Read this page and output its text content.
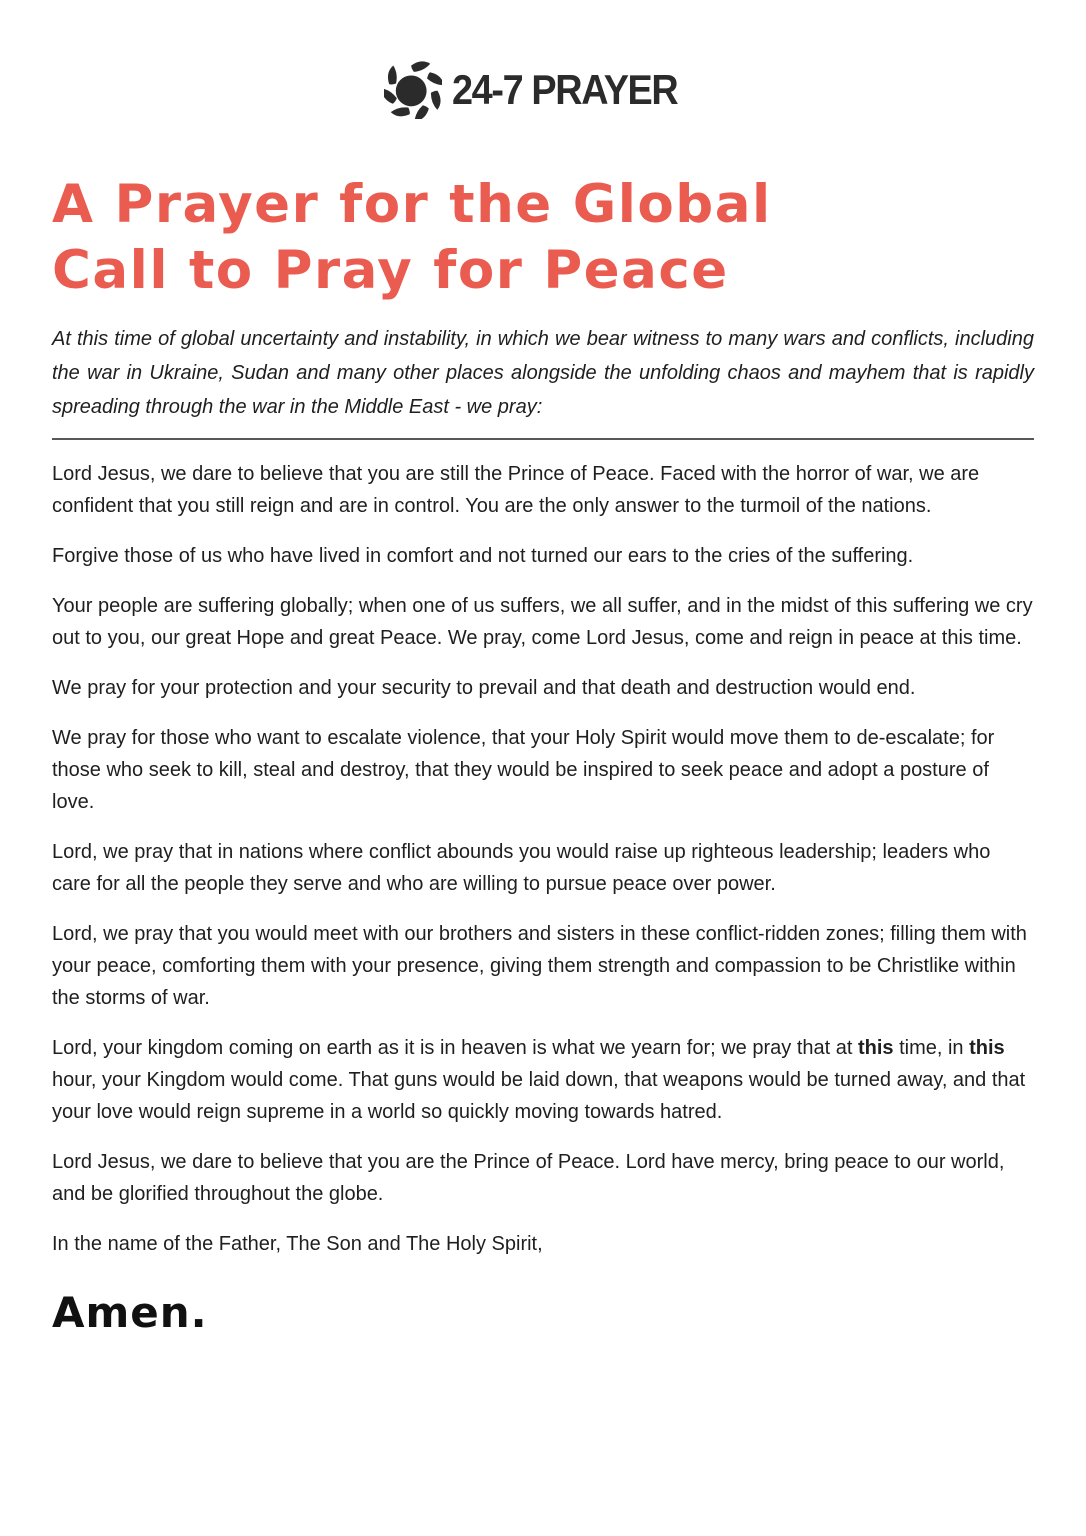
24-7 PRAYER
A Prayer for the Global
Call to Pray for Peace

At this time of global uncertainty and instability, in which we bear witness to many wars and conflicts, including the war in Ukraine, Sudan and many other places alongside the unfolding chaos and mayhem that is rapidly spreading through the war in the Middle East - we pray:

Lord Jesus, we dare to believe that you are still the Prince of Peace. Faced with the horror of war, we are confident that you still reign and are in control. You are the only answer to the turmoil of the nations.

Forgive those of us who have lived in comfort and not turned our ears to the cries of the suffering.

Your people are suffering globally; when one of us suffers, we all suffer, and in the midst of this suffering we cry out to you, our great Hope and great Peace. We pray, come Lord Jesus, come and reign in peace at this time.

We pray for your protection and your security to prevail and that death and destruction would end.

We pray for those who want to escalate violence, that your Holy Spirit would move them to de-escalate; for those who seek to kill, steal and destroy, that they would be inspired to seek peace and adopt a posture of love.

Lord, we pray that in nations where conflict abounds you would raise up righteous leadership; leaders who care for all the people they serve and who are willing to pursue peace over power.

Lord, we pray that you would meet with our brothers and sisters in these conflict-ridden zones; filling them with your peace, comforting them with your presence, giving them strength and compassion to be Christlike within the storms of war.

Lord, your kingdom coming on earth as it is in heaven is what we yearn for; we pray that at this time, in this hour, your Kingdom would come. That guns would be laid down, that weapons would be turned away, and that your love would reign supreme in a world so quickly moving towards hatred.

Lord Jesus, we dare to believe that you are the Prince of Peace. Lord have mercy, bring peace to our world, and be glorified throughout the globe.

In the name of the Father, The Son and The Holy Spirit,

Amen.
